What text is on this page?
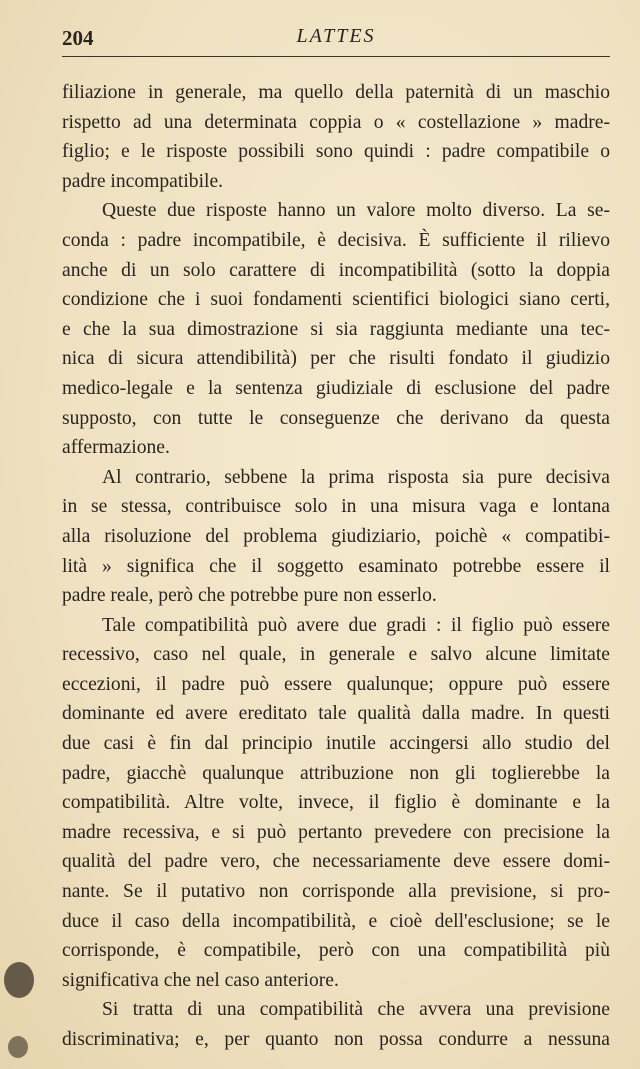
204	LATTES
filiazione in generale, ma quello della paternità di un maschio
rispetto ad una determinata coppia o « costellazione » madre-
figlio; e le risposte possibili sono quindi : padre compatibile o
padre incompatibile.
Queste due risposte hanno un valore molto diverso. La se-
conda : padre incompatibile, è decisiva. È sufficiente il rilievo
anche di un solo carattere di incompatibilità (sotto la doppia
condizione che i suoi fondamenti scientifici biologici siano certi,
e che la sua dimostrazione si sia raggiunta mediante una tec-
nica di sicura attendibilità) per che risulti fondato il giudizio
medico-legale e la sentenza giudiziale di esclusione del padre
supposto, con tutte le conseguenze che derivano da questa
affermazione.
Al contrario, sebbene la prima risposta sia pure decisiva
in se stessa, contribuisce solo in una misura vaga e lontana
alla risoluzione del problema giudiziario, poichè « compatibi-
lità » significa che il soggetto esaminato potrebbe essere il
padre reale, però che potrebbe pure non esserlo.
Tale compatibilità può avere due gradi : il figlio può essere
recessivo, caso nel quale, in generale e salvo alcune limitate
eccezioni, il padre può essere qualunque; oppure può essere
dominante ed avere ereditato tale qualità dalla madre. In questi
due casi è fin dal principio inutile accingersi allo studio del
padre, giacchè qualunque attribuzione non gli toglierebbe la
compatibilità. Altre volte, invece, il figlio è dominante e la
madre recessiva, e si può pertanto prevedere con precisione la
qualità del padre vero, che necessariamente deve essere domi-
nante. Se il putativo non corrisponde alla previsione, si pro-
duce il caso della incompatibilità, e cioè dell'esclusione; se le
corrisponde, è compatibile, però con una compatibilità più
significativa che nel caso anteriore.
Si tratta di una compatibilità che avvera una previsione
discriminativa; e, per quanto non possa condurre a nessuna
